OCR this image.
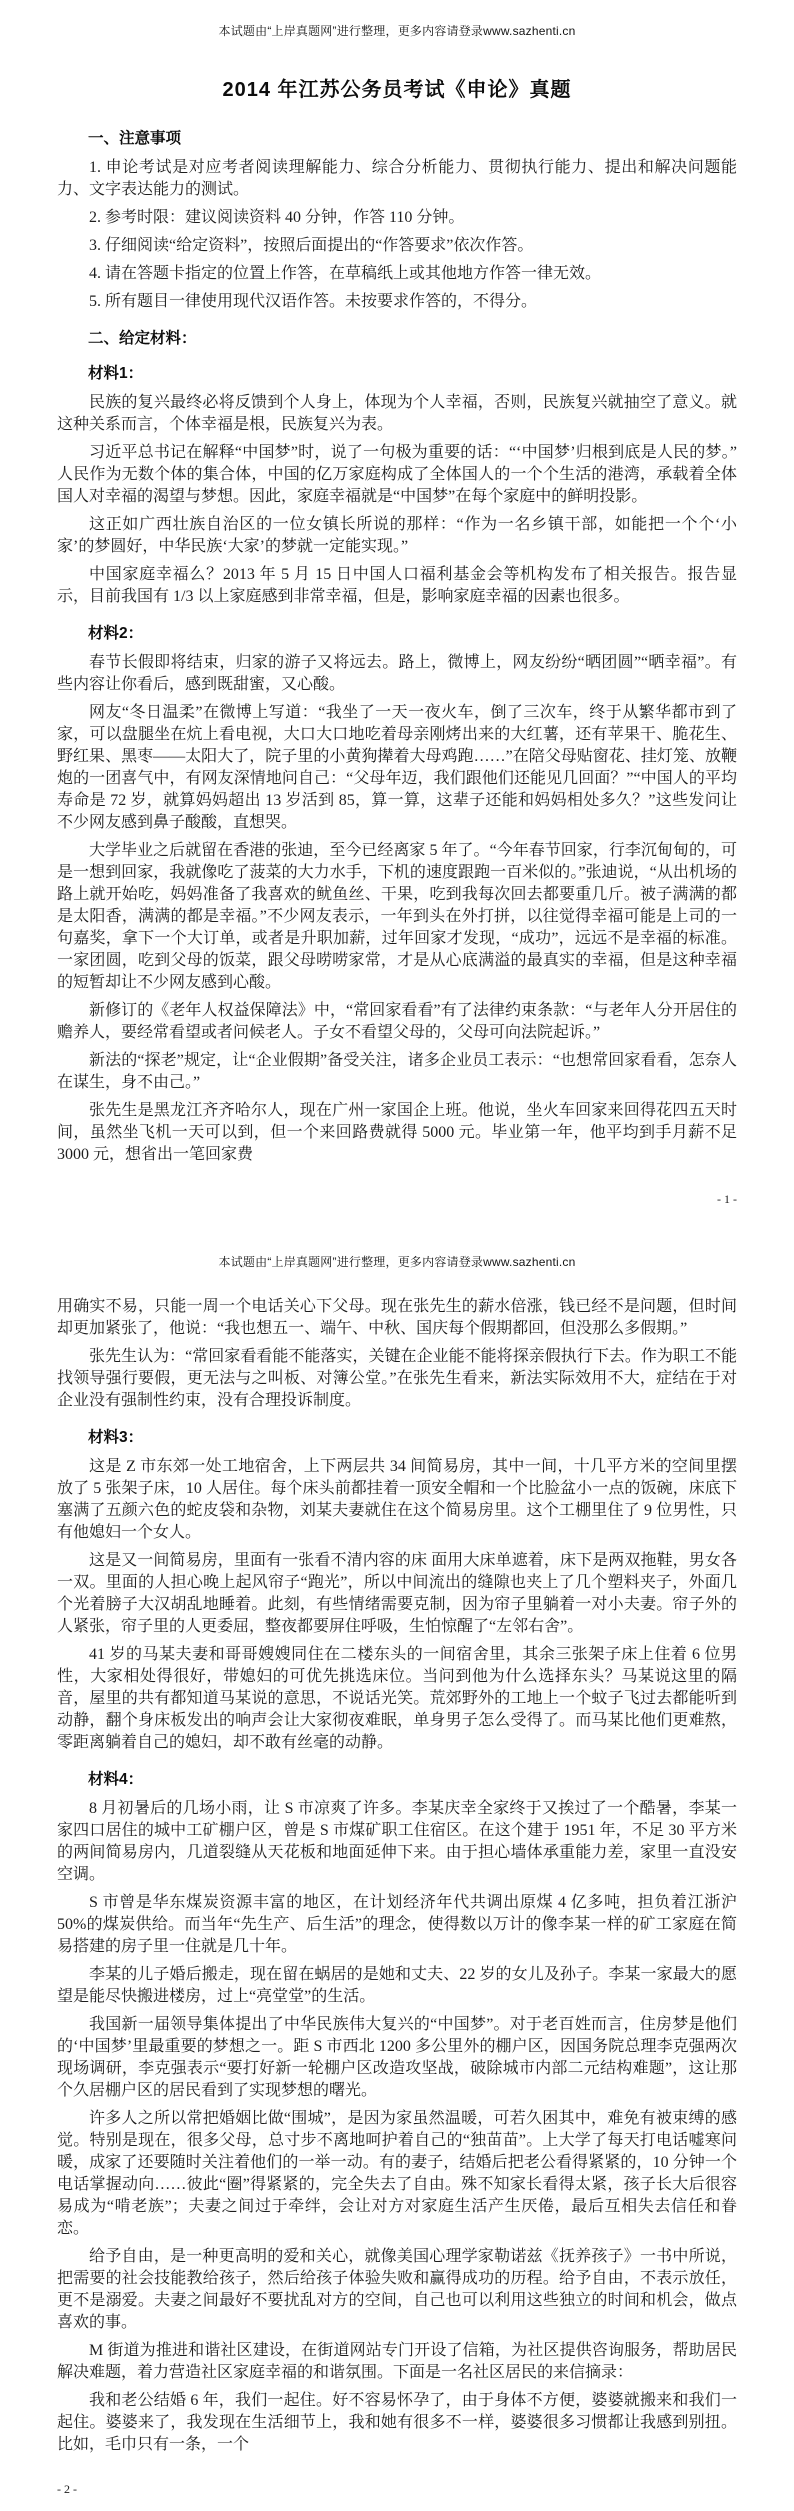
本试题由“上岸真题网”进行整理，更多内容请登录www.sazhenti.cn
2014 年江苏公务员考试《申论》真题
一、注意事项

1. 申论考试是对应考者阅读理解能力、综合分析能力、贯彻执行能力、提出和解决问题能力、文字表达能力的测试。

2. 参考时限：建议阅读资料 40 分钟，作答 110 分钟。

3. 仔细阅读“给定资料”，按照后面提出的“作答要求”依次作答。

4. 请在答题卡指定的位置上作答，在草稿纸上或其他地方作答一律无效。

5. 所有题目一律使用现代汉语作答。未按要求作答的，不得分。

二、给定材料：
材料1：

民族的复兴最终必将反馈到个人身上，体现为个人幸福，否则，民族复兴就抽空了意义。就这种关系而言，个体幸福是根，民族复兴为表。

习近平总书记在解释“中国梦”时，说了一句极为重要的话：“‘中国梦’归根到底是人民的梦。”人民作为无数个体的集合体，中国的亿万家庭构成了全体国人的一个个生活的港湾，承载着全体国人对幸福的渴望与梦想。因此，家庭幸福就是“中国梦”在每个家庭中的鲜明投影。

这正如广西壮族自治区的一位女镇长所说的那样：“作为一名乡镇干部，如能把一个个‘小家’的梦圆好，中华民族‘大家’的梦就一定能实现。”

中国家庭幸福么？2013 年 5 月 15 日中国人口福利基金会等机构发布了相关报告。报告显示，目前我国有 1/3 以上家庭感到非常幸福，但是，影响家庭幸福的因素也很多。

材料2：

春节长假即将结束，归家的游子又将远去。路上，微博上，网友纷纷“晒团圆”“晒幸福”。有些内容让你看后，感到既甜蜜，又心酸。

网友“冬日温柔”在微博上写道：“我坐了一天一夜火车，倒了三次车，终于从繁华都市到了家，可以盘腿坐在炕上看电视，大口大口地吃着母亲刚烤出来的大红薯，还有苹果干、脆花生、野红果、黑枣——太阳大了，院子里的小黄狗撵着大母鸡跑……”在陪父母贴窗花、挂灯笼、放鞭炮的一团喜气中，有网友深情地问自己：“父母年迈，我们跟他们还能见几回面？”“中国人的平均寿命是 72 岁，就算妈妈超出 13 岁活到 85，算一算，这辈子还能和妈妈相处多久？”这些发问让不少网友感到鼻子酸酸，直想哭。

大学毕业之后就留在香港的张迪，至今已经离家 5 年了。“今年春节回家，行李沉甸甸的，可是一想到回家，我就像吃了菠菜的大力水手，下机的速度跟跑一百米似的。”张迪说，“从出机场的路上就开始吃，妈妈准备了我喜欢的鱿鱼丝、干果，吃到我每次回去都要重几斤。被子满满的都是太阳香，满满的都是幸福。”不少网友表示，一年到头在外打拼，以往觉得幸福可能是上司的一句嘉奖，拿下一个大订单，或者是升职加薪，过年回家才发现，“成功”，远远不是幸福的标准。一家团圆，吃到父母的饭菜，跟父母唠唠家常，才是从心底满溢的最真实的幸福，但是这种幸福的短暂却让不少网友感到心酸。

新修订的《老年人权益保障法》中，“常回家看看”有了法律约束条款：“与老年人分开居住的赡养人，要经常看望或者问候老人。子女不看望父母的，父母可向法院起诉。”

新法的“探老”规定，让“企业假期”备受关注，诸多企业员工表示：“也想常回家看看，怎奈人在谋生，身不由己。”

张先生是黑龙江齐齐哈尔人，现在广州一家国企上班。他说，坐火车回家来回得花四五天时间，虽然坐飞机一天可以到，但一个来回路费就得 5000 元。毕业第一年，他平均到手月薪不足 3000 元，想省出一笔回家费

- 1 -
本试题由“上岸真题网”进行整理，更多内容请登录www.sazhenti.cn

用确实不易，只能一周一个电话关心下父母。现在张先生的薪水倍涨，钱已经不是问题，但时间却更加紧张了，他说：“我也想五一、端午、中秋、国庆每个假期都回，但没那么多假期。”

张先生认为：“常回家看看能不能落实，关键在企业能不能将探亲假执行下去。作为职工不能找领导强行要假，更无法与之叫板、对簿公堂。”在张先生看来，新法实际效用不大，症结在于对企业没有强制性约束，没有合理投诉制度。

材料3：

这是 Z 市东郊一处工地宿舍，上下两层共 34 间简易房，其中一间，十几平方米的空间里摆放了 5 张架子床，10 人居住。每个床头前都挂着一顶安全帽和一个比脸盆小一点的饭碗，床底下塞满了五颜六色的蛇皮袋和杂物，刘某夫妻就住在这个简易房里。这个工棚里住了 9 位男性，只有他媳妇一个女人。

这是又一间简易房，里面有一张看不清内容的床 面用大床单遮着，床下是两双拖鞋，男女各一双。里面的人担心晚上起风帘子“跑光”，所以中间流出的缝隙也夹上了几个塑料夹子，外面几个光着膀子大汉胡乱地睡着。此刻，有些情绪需要克制，因为帘子里躺着一对小夫妻。帘子外的人紧张，帘子里的人更委屈，整夜都要屏住呼吸，生怕惊醒了“左邻右舍”。

41 岁的马某夫妻和哥哥嫂嫂同住在二楼东头的一间宿舍里，其余三张架子床上住着 6 位男性，大家相处得很好，带媳妇的可优先挑选床位。当问到他为什么选择东头？马某说这里的隔音，屋里的共有都知道马某说的意思，不说话光笑。荒郊野外的工地上一个蚊子飞过去都能听到动静，翻个身床板发出的响声会让大家彻夜难眠，单身男子怎么受得了。而马某比他们更难熬，零距离躺着自己的媳妇，却不敢有丝毫的动静。

材料4：

8 月初暑后的几场小雨，让 S 市凉爽了许多。李某庆幸全家终于又挨过了一个酷暑，李某一家四口居住的城中工矿棚户区，曾是 S 市煤矿职工住宿区。在这个建于 1951 年，不足 30 平方米的两间简易房内，几道裂缝从天花板和地面延伸下来。由于担心墙体承重能力差，家里一直没安空调。

S 市曾是华东煤炭资源丰富的地区，在计划经济年代共调出原煤 4 亿多吨，担负着江浙沪 50%的煤炭供给。而当年“先生产、后生活”的理念，使得数以万计的像李某一样的矿工家庭在简易搭建的房子里一住就是几十年。

李某的儿子婚后搬走，现在留在蜗居的是她和丈夫、22 岁的女儿及孙子。李某一家最大的愿望是能尽快搬进楼房，过上“亮堂堂”的生活。

我国新一届领导集体提出了中华民族伟大复兴的“中国梦”。对于老百姓而言，住房梦是他们的‘中国梦’里最重要的梦想之一。距 S 市西北 1200 多公里外的棚户区，因国务院总理李克强两次现场调研，李克强表示“要打好新一轮棚户区改造攻坚战，破除城市内部二元结构难题”，这让那个久居棚户区的居民看到了实现梦想的曙光。

许多人之所以常把婚姻比做“围城”，是因为家虽然温暖，可若久困其中，难免有被束缚的感觉。特别是现在，很多父母，总寸步不离地呵护着自己的“独苗苗”。上大学了每天打电话嘘寒问暖，成家了还要随时关注着他们的一举一动。有的妻子，结婚后把老公看得紧紧的，10 分钟一个电话掌握动向……彼此“圈”得紧紧的，完全失去了自由。殊不知家长看得太紧，孩子长大后很容易成为“啃老族”；夫妻之间过于牵绊，会让对方对家庭生活产生厌倦，最后互相失去信任和眷恋。

给予自由，是一种更高明的爱和关心，就像美国心理学家勒诺兹《抚养孩子》一书中所说，把需要的社会技能教给孩子，然后给孩子体验失败和赢得成功的历程。给予自由，不表示放任，更不是溺爱。夫妻之间最好不要扰乱对方的空间，自己也可以利用这些独立的时间和机会，做点喜欢的事。

M 街道为推进和谐社区建设，在街道网站专门开设了信箱，为社区提供咨询服务，帮助居民解决难题，着力营造社区家庭幸福的和谐氛围。下面是一名社区居民的来信摘录：

我和老公结婚 6 年，我们一起住。好不容易怀孕了，由于身体不方便，婆婆就搬来和我们一起住。婆婆来了，我发现在生活细节上，我和她有很多不一样，婆婆很多习惯都让我感到别扭。比如，毛巾只有一条，一个

- 2 -
